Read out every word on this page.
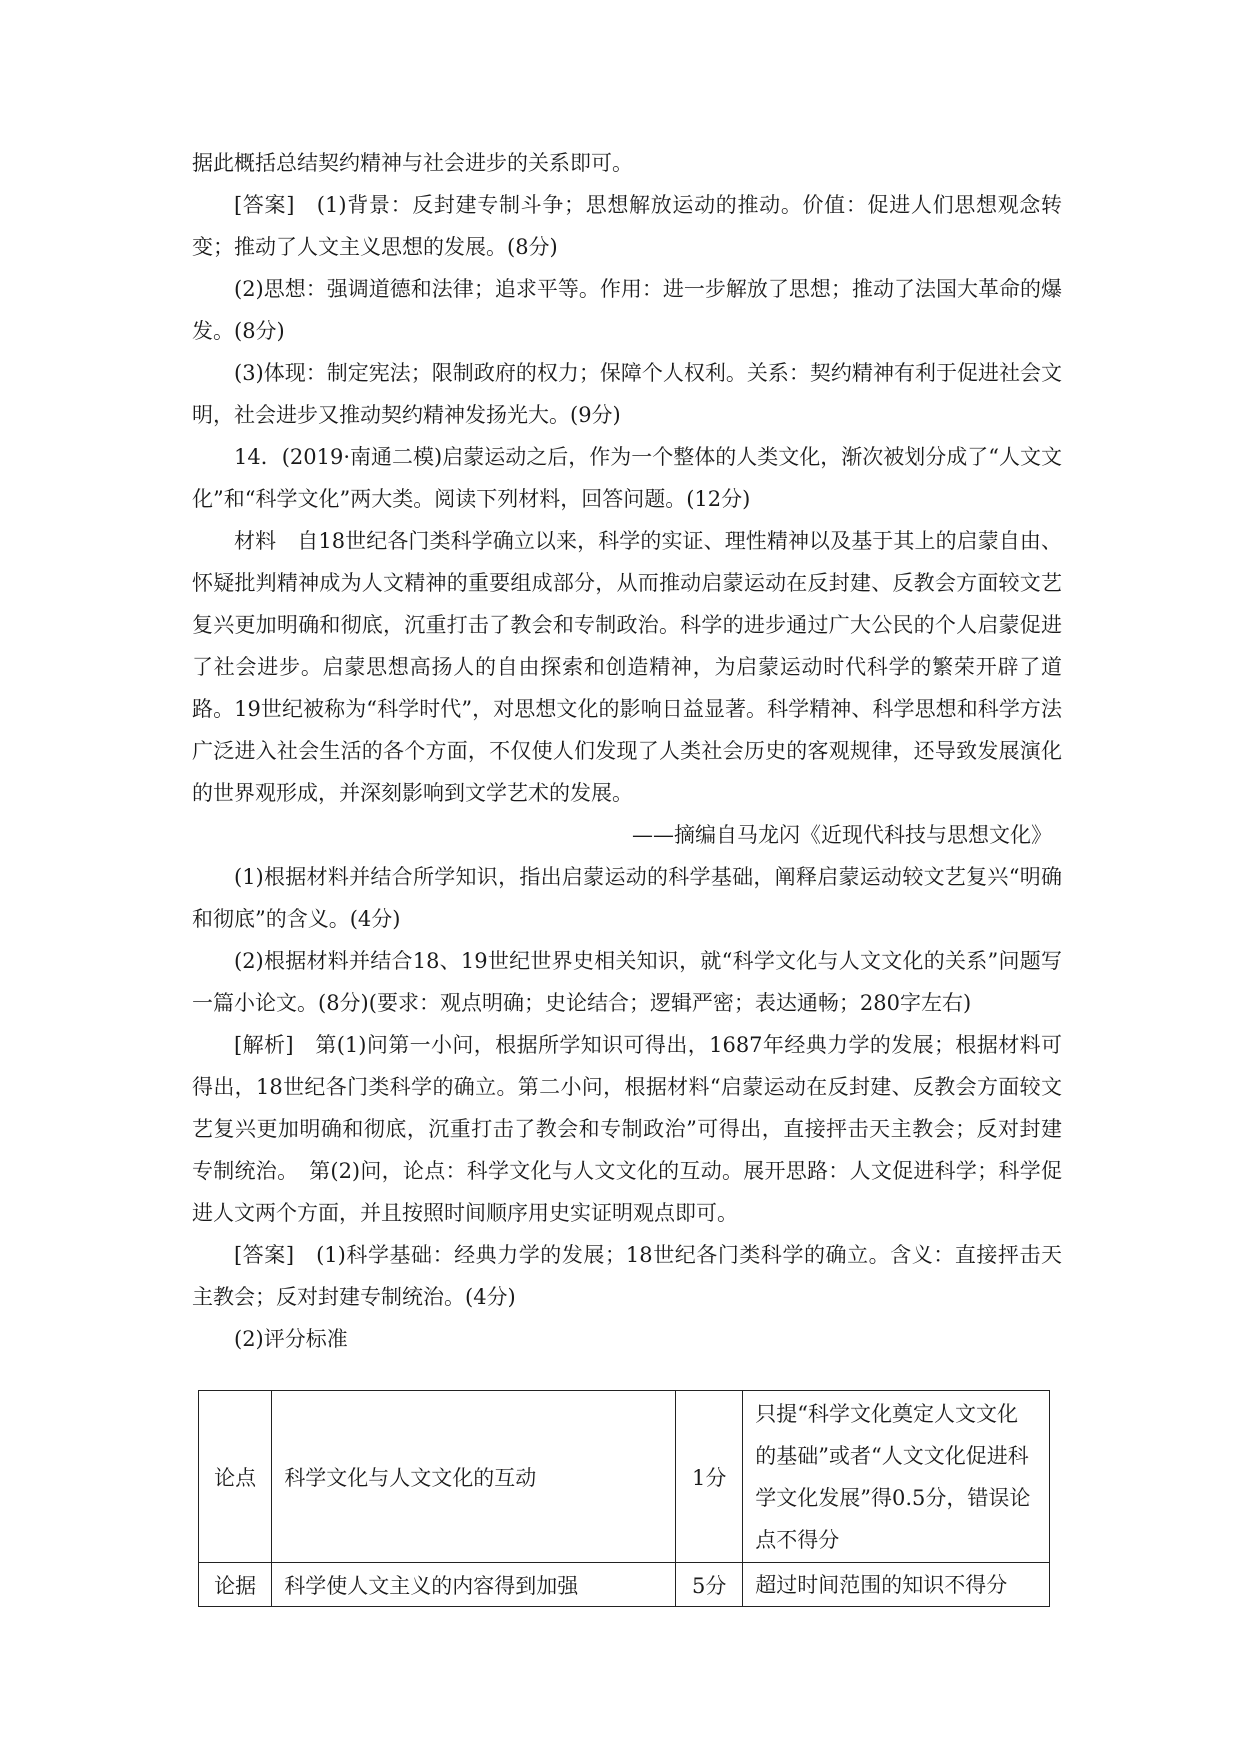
据此概括总结契约精神与社会进步的关系即可。

[答案]　(1)背景：反封建专制斗争；思想解放运动的推动。价值：促进人们思想观念转变；推动了人文主义思想的发展。(8分)

(2)思想：强调道德和法律；追求平等。作用：进一步解放了思想；推动了法国大革命的爆发。(8分)

(3)体现：制定宪法；限制政府的权力；保障个人权利。关系：契约精神有利于促进社会文明，社会进步又推动契约精神发扬光大。(9分)

14．(2019·南通二模)启蒙运动之后，作为一个整体的人类文化，渐次被划分成了“人文文化”和“科学文化”两大类。阅读下列材料，回答问题。(12分)

材料　自18世纪各门类科学确立以来，科学的实证、理性精神以及基于其上的启蒙自由、怀疑批判精神成为人文精神的重要组成部分，从而推动启蒙运动在反封建、反教会方面较文艺复兴更加明确和彻底，沉重打击了教会和专制政治。科学的进步通过广大公民的个人启蒙促进了社会进步。启蒙思想高扬人的自由探索和创造精神，为启蒙运动时代科学的繁荣开辟了道路。19世纪被称为“科学时代”，对思想文化的影响日益显著。科学精神、科学思想和科学方法广泛进入社会生活的各个方面，不仅使人们发现了人类社会历史的客观规律，还导致发展演化的世界观形成，并深刻影响到文学艺术的发展。

——摘编自马龙闪《近现代科技与思想文化》

(1)根据材料并结合所学知识，指出启蒙运动的科学基础，阐释启蒙运动较文艺复兴“明确和彻底”的含义。(4分)

(2)根据材料并结合18、19世纪世界史相关知识，就“科学文化与人文文化的关系”问题写一篇小论文。(8分)(要求：观点明确；史论结合；逻辑严密；表达通畅；280字左右)

[解析]　第(1)问第一小问，根据所学知识可得出，1687年经典力学的发展；根据材料可得出，18世纪各门类科学的确立。第二小问，根据材料“启蒙运动在反封建、反教会方面较文艺复兴更加明确和彻底，沉重打击了教会和专制政治”可得出，直接抨击天主教会；反对封建专制统治。　第(2)问，论点：科学文化与人文文化的互动。展开思路：人文促进科学；科学促进人文两个方面，并且按照时间顺序用史实证明观点即可。

[答案]　(1)科学基础：经典力学的发展；18世纪各门类科学的确立。含义：直接抨击天主教会；反对封建专制统治。(4分)

(2)评分标准

论点	科学文化与人文文化的互动	1分	只提“科学文化奠定人文文化的基础”或者“人文文化促进科学文化发展”得0.5分，错误论点不得分
论据	科学使人文主义的内容得到加强	5分	超过时间范围的知识不得分
